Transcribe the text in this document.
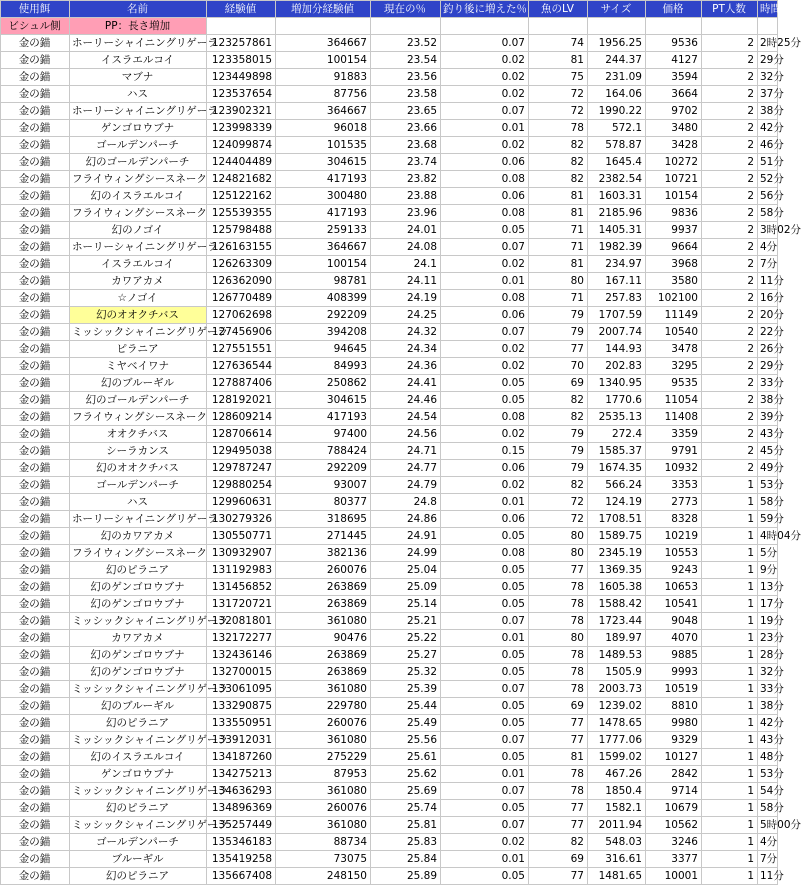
使用餌	名前	経験値	増加分経験値	現在の％	釣り後に増えた％	魚のLV	サイズ	価格	PT人数	時間
ビシュル側	PP：長さ増加									
金の錨	ホーリーシャイニングリゲーラ	123257861	364667	23.52	0.07	74	1956.25	9536	2	2時25分
金の錨	イスラエルコイ	123358015	100154	23.54	0.02	81	244.37	4127	2	29分
金の錨	マブナ	123449898	91883	23.56	0.02	75	231.09	3594	2	32分
金の錨	ハス	123537654	87756	23.58	0.02	72	164.06	3664	2	37分
金の錨	ホーリーシャイニングリゲーラ	123902321	364667	23.65	0.07	72	1990.22	9702	2	38分
金の錨	ゲンゴロウブナ	123998339	96018	23.66	0.01	78	572.1	3480	2	42分
金の錨	ゴールデンパーチ	124099874	101535	23.68	0.02	82	578.87	3428	2	46分
金の錨	幻のゴールデンパーチ	124404489	304615	23.74	0.06	82	1645.4	10272	2	51分
金の錨	フライウィングシースネーク	124821682	417193	23.82	0.08	82	2382.54	10721	2	52分
金の錨	幻のイスラエルコイ	125122162	300480	23.88	0.06	81	1603.31	10154	2	56分
金の錨	フライウィングシースネーク	125539355	417193	23.96	0.08	81	2185.96	9836	2	58分
金の錨	幻のノゴイ	125798488	259133	24.01	0.05	71	1405.31	9937	2	3時02分
金の錨	ホーリーシャイニングリゲーラ	126163155	364667	24.08	0.07	71	1982.39	9664	2	4分
金の錨	イスラエルコイ	126263309	100154	24.1	0.02	81	234.97	3968	2	7分
金の錨	カワアカメ	126362090	98781	24.11	0.01	80	167.11	3580	2	11分
金の錨	☆ノゴイ	126770489	408399	24.19	0.08	71	257.83	102100	2	16分
金の錨	幻のオオクチバス	127062698	292209	24.25	0.06	79	1707.59	11149	2	20分
金の錨	ミッシックシャイニングリゲーラ	127456906	394208	24.32	0.07	79	2007.74	10540	2	22分
金の錨	ピラニア	127551551	94645	24.34	0.02	77	144.93	3478	2	26分
金の錨	ミヤベイワナ	127636544	84993	24.36	0.02	70	202.83	3295	2	29分
金の錨	幻のブルーギル	127887406	250862	24.41	0.05	69	1340.95	9535	2	33分
金の錨	幻のゴールデンパーチ	128192021	304615	24.46	0.05	82	1770.6	11054	2	38分
金の錨	フライウィングシースネーク	128609214	417193	24.54	0.08	82	2535.13	11408	2	39分
金の錨	オオクチバス	128706614	97400	24.56	0.02	79	272.4	3359	2	43分
金の錨	シーラカンス	129495038	788424	24.71	0.15	79	1585.37	9791	2	45分
金の錨	幻のオオクチバス	129787247	292209	24.77	0.06	79	1674.35	10932	2	49分
金の錨	ゴールデンパーチ	129880254	93007	24.79	0.02	82	566.24	3353	1	53分
金の錨	ハス	129960631	80377	24.8	0.01	72	124.19	2773	1	58分
金の錨	ホーリーシャイニングリゲーラ	130279326	318695	24.86	0.06	72	1708.51	8328	1	59分
金の錨	幻のカワアカメ	130550771	271445	24.91	0.05	80	1589.75	10219	1	4時04分
金の錨	フライウィングシースネーク	130932907	382136	24.99	0.08	80	2345.19	10553	1	5分
金の錨	幻のピラニア	131192983	260076	25.04	0.05	77	1369.35	9243	1	9分
金の錨	幻のゲンゴロウブナ	131456852	263869	25.09	0.05	78	1605.38	10653	1	13分
金の錨	幻のゲンゴロウブナ	131720721	263869	25.14	0.05	78	1588.42	10541	1	17分
金の錨	ミッシックシャイニングリゲーラ	132081801	361080	25.21	0.07	78	1723.44	9048	1	19分
金の錨	カワアカメ	132172277	90476	25.22	0.01	80	189.97	4070	1	23分
金の錨	幻のゲンゴロウブナ	132436146	263869	25.27	0.05	78	1489.53	9885	1	28分
金の錨	幻のゲンゴロウブナ	132700015	263869	25.32	0.05	78	1505.9	9993	1	32分
金の錨	ミッシックシャイニングリゲーラ	133061095	361080	25.39	0.07	78	2003.73	10519	1	33分
金の錨	幻のブルーギル	133290875	229780	25.44	0.05	69	1239.02	8810	1	38分
金の錨	幻のピラニア	133550951	260076	25.49	0.05	77	1478.65	9980	1	42分
金の錨	ミッシックシャイニングリゲーラ	133912031	361080	25.56	0.07	77	1777.06	9329	1	43分
金の錨	幻のイスラエルコイ	134187260	275229	25.61	0.05	81	1599.02	10127	1	48分
金の錨	ゲンゴロウブナ	134275213	87953	25.62	0.01	78	467.26	2842	1	53分
金の錨	ミッシックシャイニングリゲーラ	134636293	361080	25.69	0.07	78	1850.4	9714	1	54分
金の錨	幻のピラニア	134896369	260076	25.74	0.05	77	1582.1	10679	1	58分
金の錨	ミッシックシャイニングリゲーラ	135257449	361080	25.81	0.07	77	2011.94	10562	1	5時00分
金の錨	ゴールデンパーチ	135346183	88734	25.83	0.02	82	548.03	3246	1	4分
金の錨	ブルーギル	135419258	73075	25.84	0.01	69	316.61	3377	1	7分
金の錨	幻のピラニア	135667408	248150	25.89	0.05	77	1481.65	10001	1	11分
